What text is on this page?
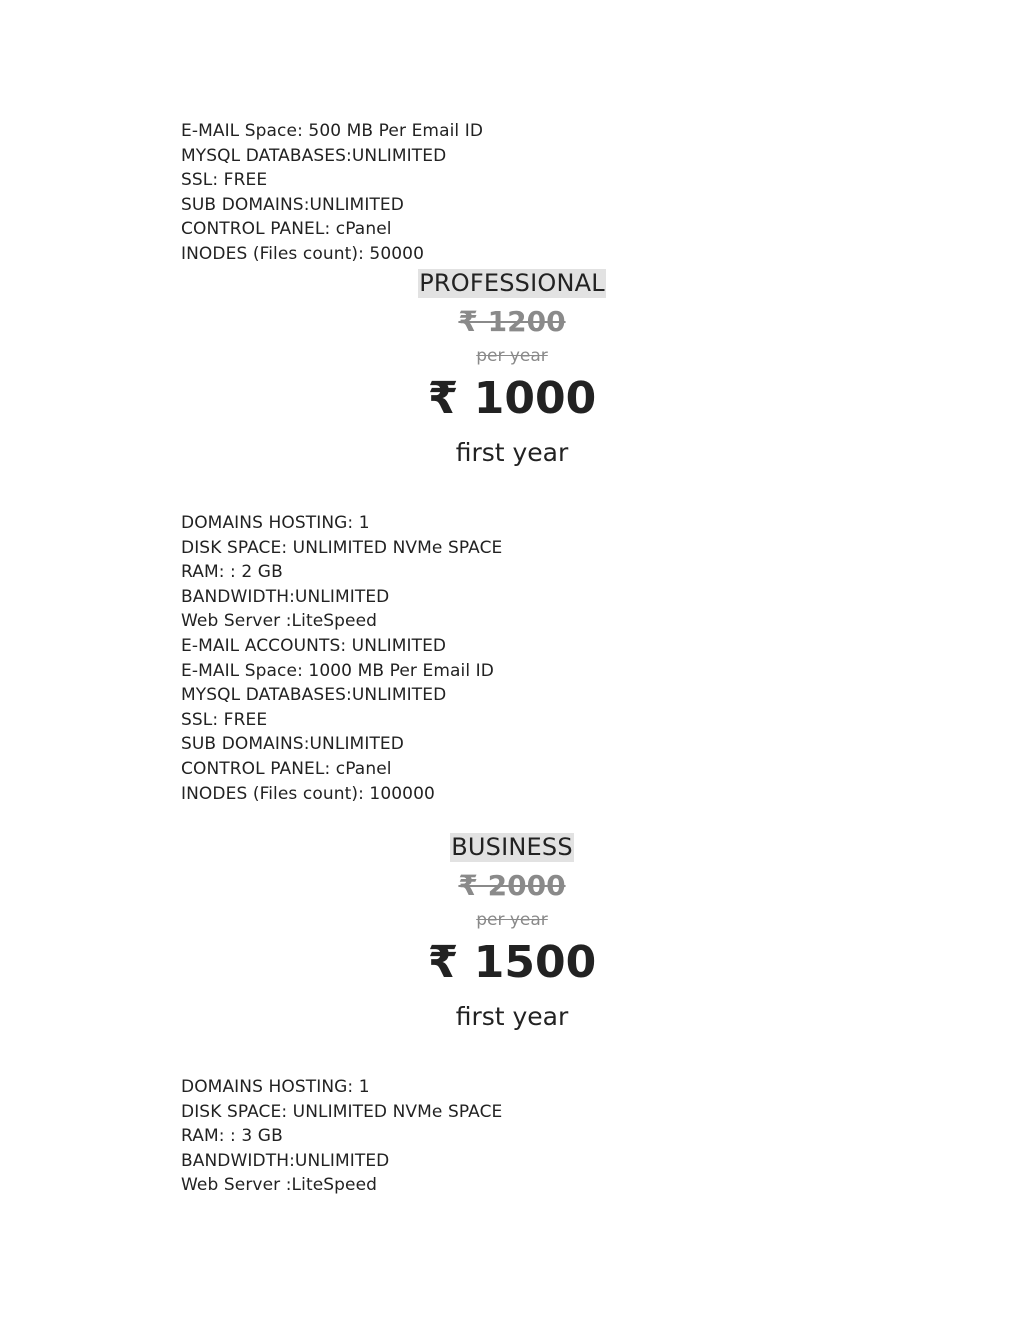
E-MAIL Space: 500 MB Per Email ID
MYSQL DATABASES:UNLIMITED
SSL: FREE
SUB DOMAINS:UNLIMITED
CONTROL PANEL: cPanel
INODES (Files count): 50000
PROFESSIONAL
₹ 1200
per year
₹ 1000
first year
DOMAINS HOSTING: 1
DISK SPACE: UNLIMITED NVMe SPACE
RAM: : 2 GB
BANDWIDTH:UNLIMITED
Web Server :LiteSpeed
E-MAIL ACCOUNTS: UNLIMITED
E-MAIL Space: 1000 MB Per Email ID
MYSQL DATABASES:UNLIMITED
SSL: FREE
SUB DOMAINS:UNLIMITED
CONTROL PANEL: cPanel
INODES (Files count): 100000
BUSINESS
₹ 2000
per year
₹ 1500
first year
DOMAINS HOSTING: 1
DISK SPACE: UNLIMITED NVMe SPACE
RAM: : 3 GB
BANDWIDTH:UNLIMITED
Web Server :LiteSpeed
